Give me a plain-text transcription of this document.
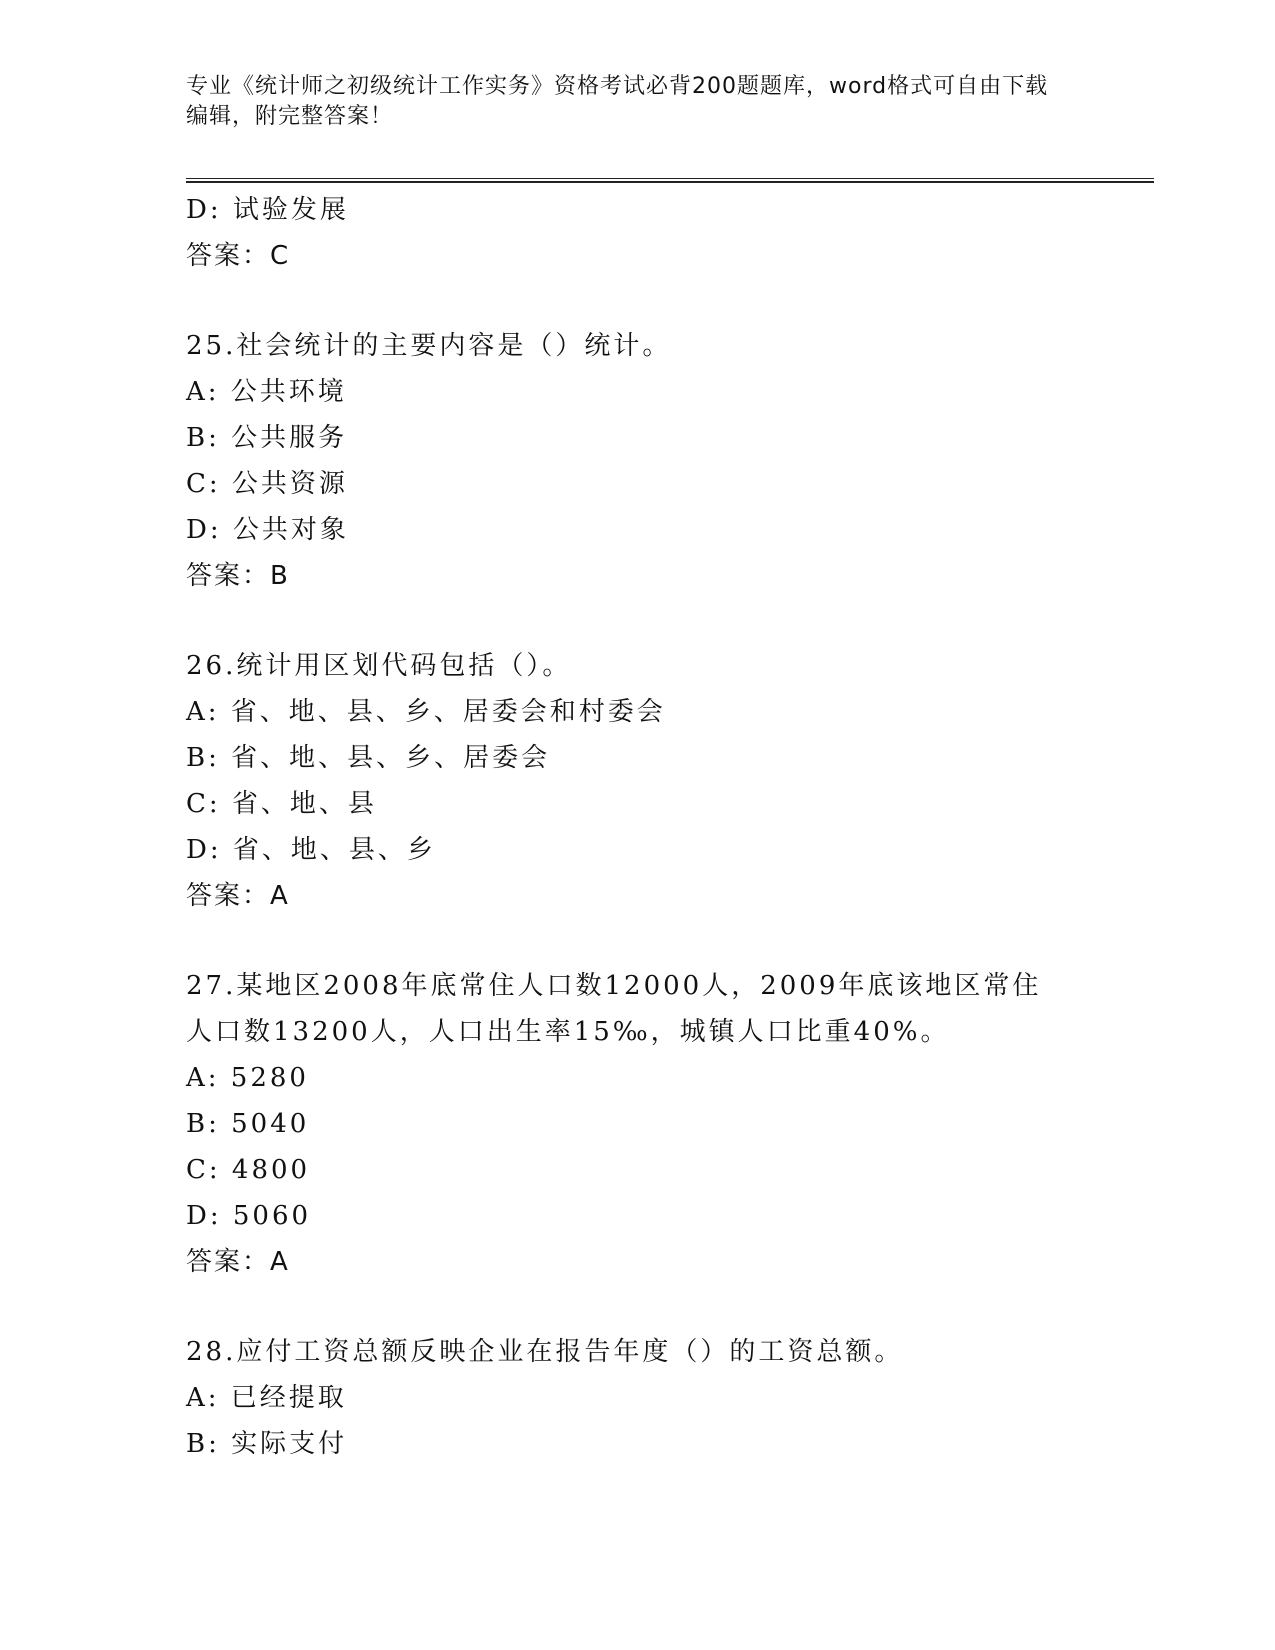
专业《统计师之初级统计工作实务》资格考试必背200题题库，word格式可自由下载编辑，附完整答案！
D: 试验发展
答案：C
25.社会统计的主要内容是（）统计。
A: 公共环境
B: 公共服务
C: 公共资源
D: 公共对象
答案：B
26.统计用区划代码包括（）。
A: 省、地、县、乡、居委会和村委会
B: 省、地、县、乡、居委会
C: 省、地、县
D: 省、地、县、乡
答案：A
27.某地区2008年底常住人口数12000人，2009年底该地区常住人口数13200人，人口出生率15‰，城镇人口比重40%。
A: 5280
B: 5040
C: 4800
D: 5060
答案：A
28.应付工资总额反映企业在报告年度（）的工资总额。
A: 已经提取
B: 实际支付
